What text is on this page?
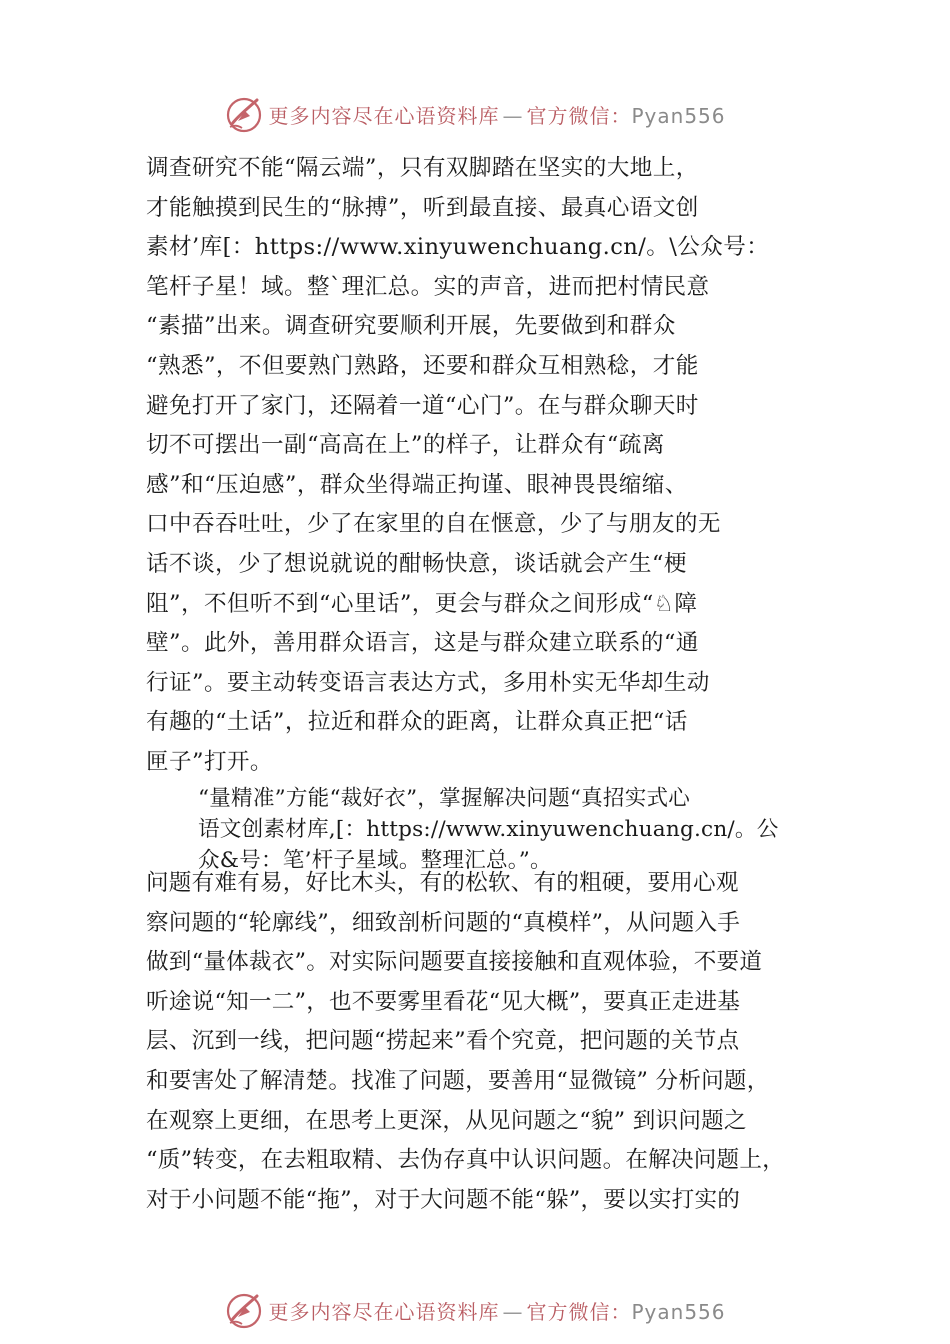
更多内容尽在心语资料库 — 官方微信：Pyan556
调查研究不能“隔云端”，只有双脚踏在坚实的大地上，
才能触摸到民生的“脉搏”，听到最直接、最真心语文创
素材’库[：https://www.xinyuwenchuang.cn/。\公众号：
笔杆子星！域。整`理汇总。实的声音，进而把村情民意
“素描”出来。调查研究要顺利开展，先要做到和群众
“熟悉”，不但要熟门熟路，还要和群众互相熟稔，才能
避免打开了家门，还隔着一道“心门”。在与群众聊天时
切不可摆出一副“高高在上”的样子，让群众有“疏离
感”和“压迫感”，群众坐得端正拘谨、眼神畏畏缩缩、
口中吞吞吐吐，少了在家里的自在惬意，少了与朋友的无
话不谈，少了想说就说的酣畅快意，谈话就会产生“梗
阻”，不但听不到“心里话”，更会与群众之间形成“♘障
壁”。此外，善用群众语言，这是与群众建立联系的“通
行证”。要主动转变语言表达方式，多用朴实无华却生动
有趣的“土话”，拉近和群众的距离，让群众真正把“话
匣子”打开。
“量精准”方能“裁好衣”，掌握解决问题“真招实式心
语文创素材库,[：https://www.xinyuwenchuang.cn/。公
众&号：笔’杆子星域。整理汇总。”。
问题有难有易，好比木头，有的松软、有的粗硬，要用心观
察问题的“轮廓线”，细致剖析问题的“真模样”，从问题入手
做到“量体裁衣”。对实际问题要直接接触和直观体验，不要道
听途说“知一二”，也不要雾里看花“见大概”，要真正走进基
层、沉到一线，把问题“捞起来”看个究竟，把问题的关节点
和要害处了解清楚。找准了问题，要善用“显微镜” 分析问题，
在观察上更细，在思考上更深，从见问题之“貌” 到识问题之
“质”转变，在去粗取精、去伪存真中认识问题。在解决问题上，
对于小问题不能“拖”，对于大问题不能“躲”，要以实打实的
更多内容尽在心语资料库 — 官方微信：Pyan556
